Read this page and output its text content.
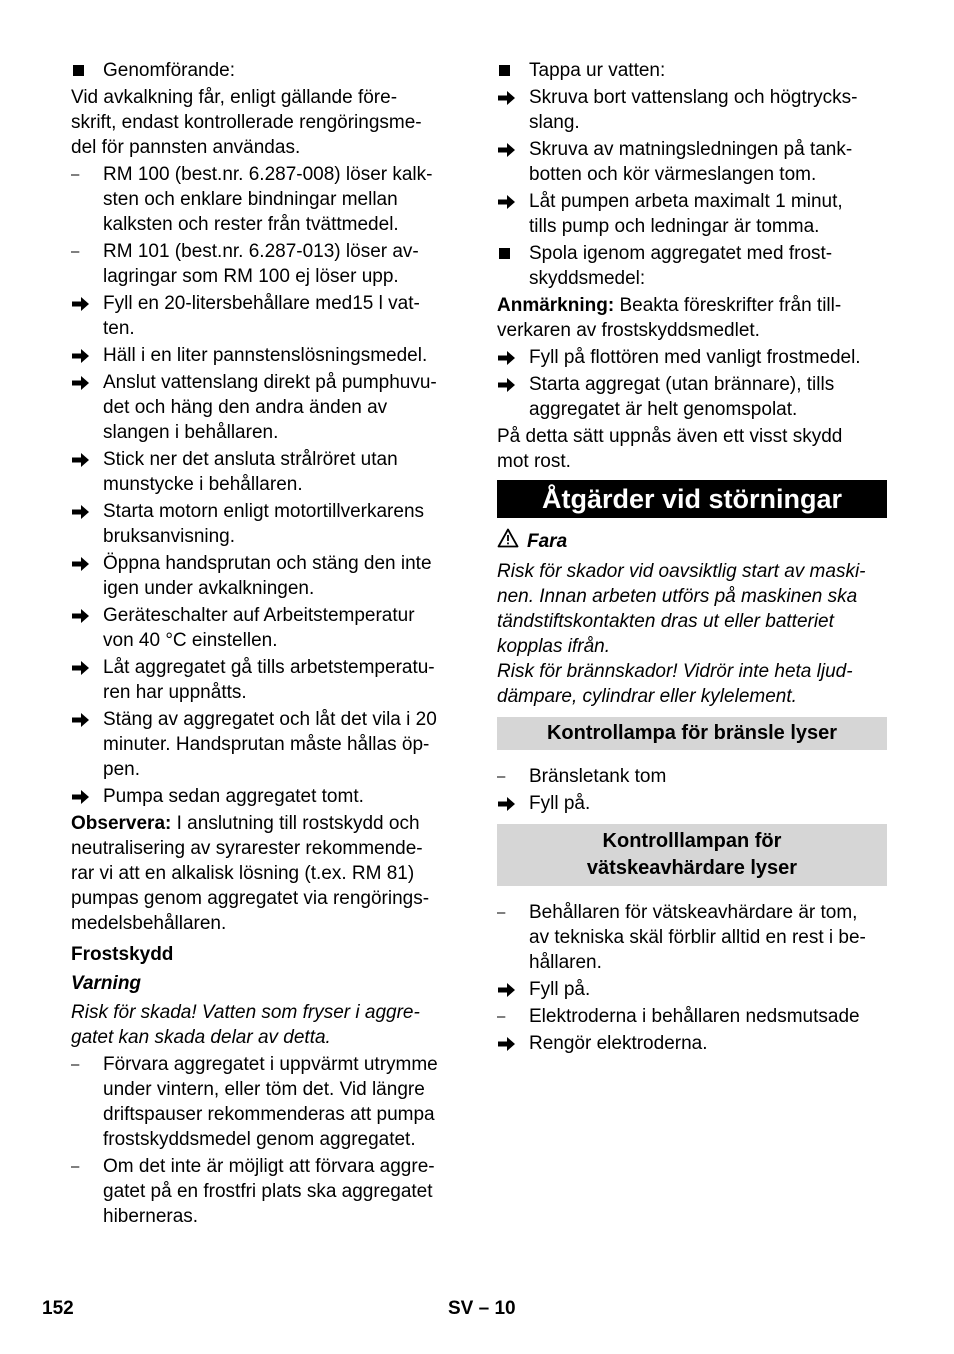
Genomförande:
Vid avkalkning får, enligt gällande före-
skrift, endast kontrollerade rengöringsme-
del för pannsten användas.
RM 100 (best.nr. 6.287-008) löser kalk-
sten och enklare bindningar mellan
kalksten och rester från tvättmedel.
RM 101 (best.nr. 6.287-013) löser av-
lagringar som RM 100 ej löser upp.
Fyll en 20-litersbehållare med15 l vat-
ten.
Häll i en liter pannstenslösningsmedel.
Anslut vattenslang direkt på pumphuvu-
det och häng den andra änden av
slangen i behållaren.
Stick ner det ansluta strålröret utan
munstycke i behållaren.
Starta motorn enligt motortillverkarens
bruksanvisning.
Öppna handsprutan och stäng den inte
igen under avkalkningen.
Geräteschalter auf Arbeitstemperatur
von 40 °C einstellen.
Låt aggregatet gå tills arbetstemperatu-
ren har uppnåtts.
Stäng av aggregatet och låt det vila i 20
minuter. Handsprutan måste hållas öp-
pen.
Pumpa sedan aggregatet tomt.
Observera: I anslutning till rostskydd och
neutralisering av syrarester rekommende-
rar vi att en alkalisk lösning (t.ex. RM 81)
pumpas genom aggregatet via rengörings-
medelsbehållaren.
Frostskydd
Varning
Risk för skada! Vatten som fryser i aggre-
gatet kan skada delar av detta.
Förvara aggregatet i uppvärmt utrymme
under vintern, eller töm det. Vid längre
driftspauser rekommenderas att pumpa
frostskyddsmedel genom aggregatet.
Om det inte är möjligt att förvara aggre-
gatet på en frostfri plats ska aggregatet
hiberneras.
Tappa ur vatten:
Skruva bort vattenslang och högtrycks-
slang.
Skruva av matningsledningen på tank-
botten och kör värmeslangen tom.
Låt pumpen arbeta maximalt 1 minut,
tills pump och ledningar är tomma.
Spola igenom aggregatet med frost-
skyddsmedel:
Anmärkning: Beakta föreskrifter från till-
verkaren av frostskyddsmedlet.
Fyll på flottören med vanligt frostmedel.
Starta aggregat (utan brännare), tills
aggregatet är helt genomspolat.
På detta sätt uppnås även ett visst skydd
mot rost.
Åtgärder vid störningar
Fara
Risk för skador vid oavsiktlig start av maski-
nen. Innan arbeten utförs på maskinen ska
tändstiftskontakten dras ut eller batteriet
kopplas ifrån.
Risk för brännskador! Vidrör inte heta ljud-
dämpare, cylindrar eller kylelement.
Kontrollampa för bränsle lyser
Bränsletank tom
Fyll på.
Kontrolllampan för
vätskeavhärdare lyser
Behållaren för vätskeavhärdare är tom,
av tekniska skäl förblir alltid en rest i be-
hållaren.
Fyll på.
Elektroderna i behållaren nedsmutsade
Rengör elektroderna.
152	SV – 10
